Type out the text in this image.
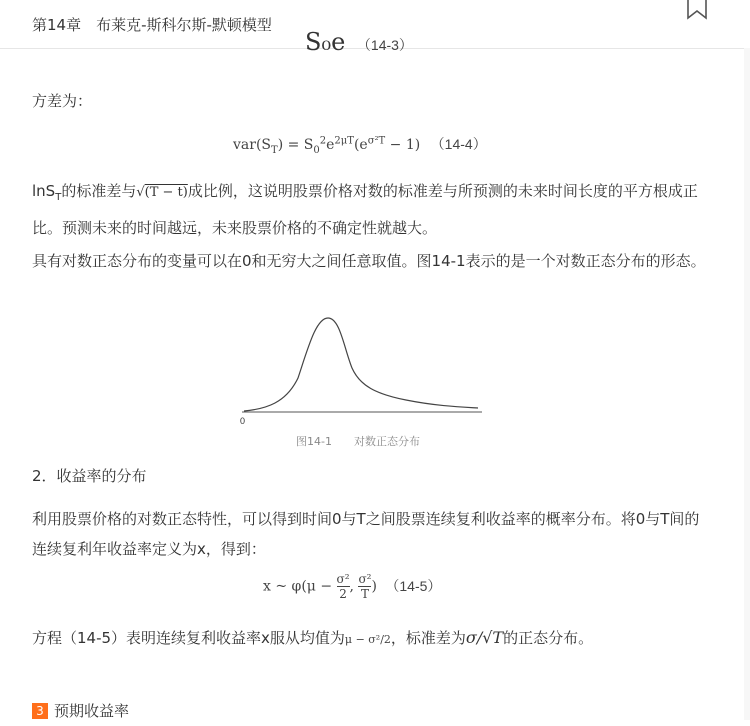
第14章　布莱克-斯科尔斯-默顿模型
S₀e （14-3）
方差为：
$var(S_T) = S_0^2e^{2\mu T}(e^{\sigma^2T} - 1)$ （14-4）
lnS$_T$的标准差与√(T − t)成比例，这说明股票价格对数的标准差与所预测的未来时间长度的平方根成正比。预测未来的时间越远，未来股票价格的不确定性就越大。
具有对数正态分布的变量可以在0和无穷大之间任意取值。图14-1表示的是一个对数正态分布的形态。
0
图14-1　　对数正态分布
2．收益率的分布
利用股票价格的对数正态特性，可以得到时间0与T之间股票连续复利收益率的概率分布。将0与T间的连续复利年收益率定义为x，得到：
x ~ $\varphi(\mu - \frac{\text{σ²}}{2}$ , $\frac{\text{σ²}}{T}$ ) （14-5）
方程（14-5）表明连续复利收益率x服从均值为μ − σ²/2，标准差为σ/√T的正态分布。
3 预期收益率
